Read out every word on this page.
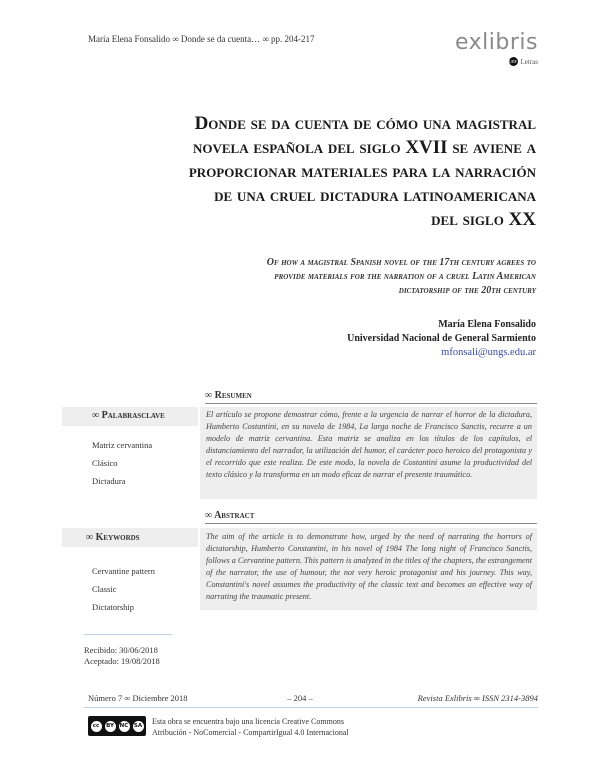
María Elena Fonsalido ∞ Donde se da cuenta… ∞ pp. 204-217	exlibris
UBF Letras
Donde se da cuenta de cómo una magistral
novela española del siglo XVII se aviene a
proporcionar materiales para la narración
de una cruel dictadura latinoamericana
del siglo XX
Of how a magistral Spanish novel of the 17th century agrees to
provide materials for the narration of a cruel Latin American
dictatorship of the 20th century
María Elena Fonsalido
Universidad Nacional de General Sarmiento
mfonsali@ungs.edu.ar
∞ Resumen
∞ Palabrasclave
Matriz cervantina
Clásico
Dictadura
El artículo se propone demostrar cómo, frente a la urgencia de narrar el horror de la dictadura, Humberto Costantini, en su novela de 1984, La larga noche de Francisco Sanctis, recurre a un modelo de matriz cervantina. Esta matriz se analiza en los títulos de los capítulos, el distanciamiento del narrador, la utilización del humor, el carácter poco heroico del protagonista y el recorrido que este realiza. De este modo, la novela de Costantini asume la productividad del texto clásico y la transforma en un modo eficaz de narrar el presente traumático.
∞ Abstract
∞ Keywords
Cervantine pattern
Classic
Dictatorship
The aim of the article is to demonstrate how, urged by the need of narrating the horrors of dictatorship, Humberto Constantini, in his novel of 1984 The long night of Francisco Sanctis, follows a Cervantine pattern. This pattern is analyzed in the titles of the chapters, the estrangement of the narrator, the use of humour, the not very heroic protagonist and his journey. This way, Constantini's novel assumes the productivity of the classic text and becomes an effective way of narrating the traumatic present.
Recibido: 30/06/2018
Aceptado: 19/08/2018
Número 7 ∞ Diciembre 2018	– 204 –	Revista Exlibris ∞ ISSN 2314-3894
cc	BY NC SA Esta obra se encuentra bajo una licencia Creative Commons
Atribución - NoComercial - CompartirIgual 4.0 Internacional
